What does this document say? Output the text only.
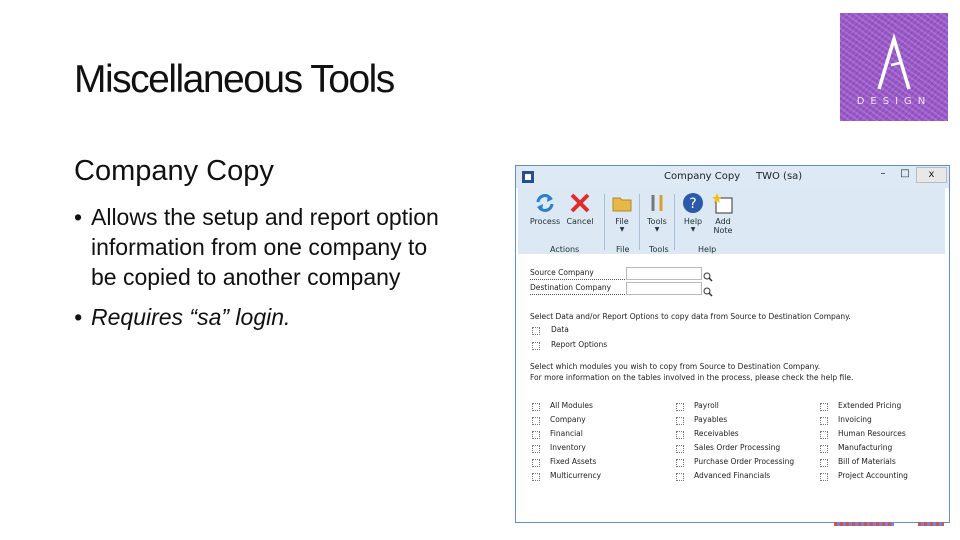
Miscellaneous Tools
Company Copy
• Allows the setup and report option information from one company to be copied to another company
• Requires “sa” login.
DESIGN
Company Copy TWO (sa)	–	□	x
Process Cancel	File
▼
Tools
▼
?
Help
▼
Add
Note
Actions	File Tools	Help
Source Company
Destination Company
Select Data and/or Report Options to copy data from Source to Destination Company.
Data
Report Options
Select which modules you wish to copy from Source to Destination Company.
For more information on the tables involved in the process, please check the help file.
All Modules
Company
Financial
Inventory
Fixed Assets
Multicurrency
Payroll
Payables
Receivables
Sales Order Processing
Purchase Order Processing
Advanced Financials
Extended Pricing
Invoicing
Human Resources
Manufacturing
Bill of Materials
Project Accounting
